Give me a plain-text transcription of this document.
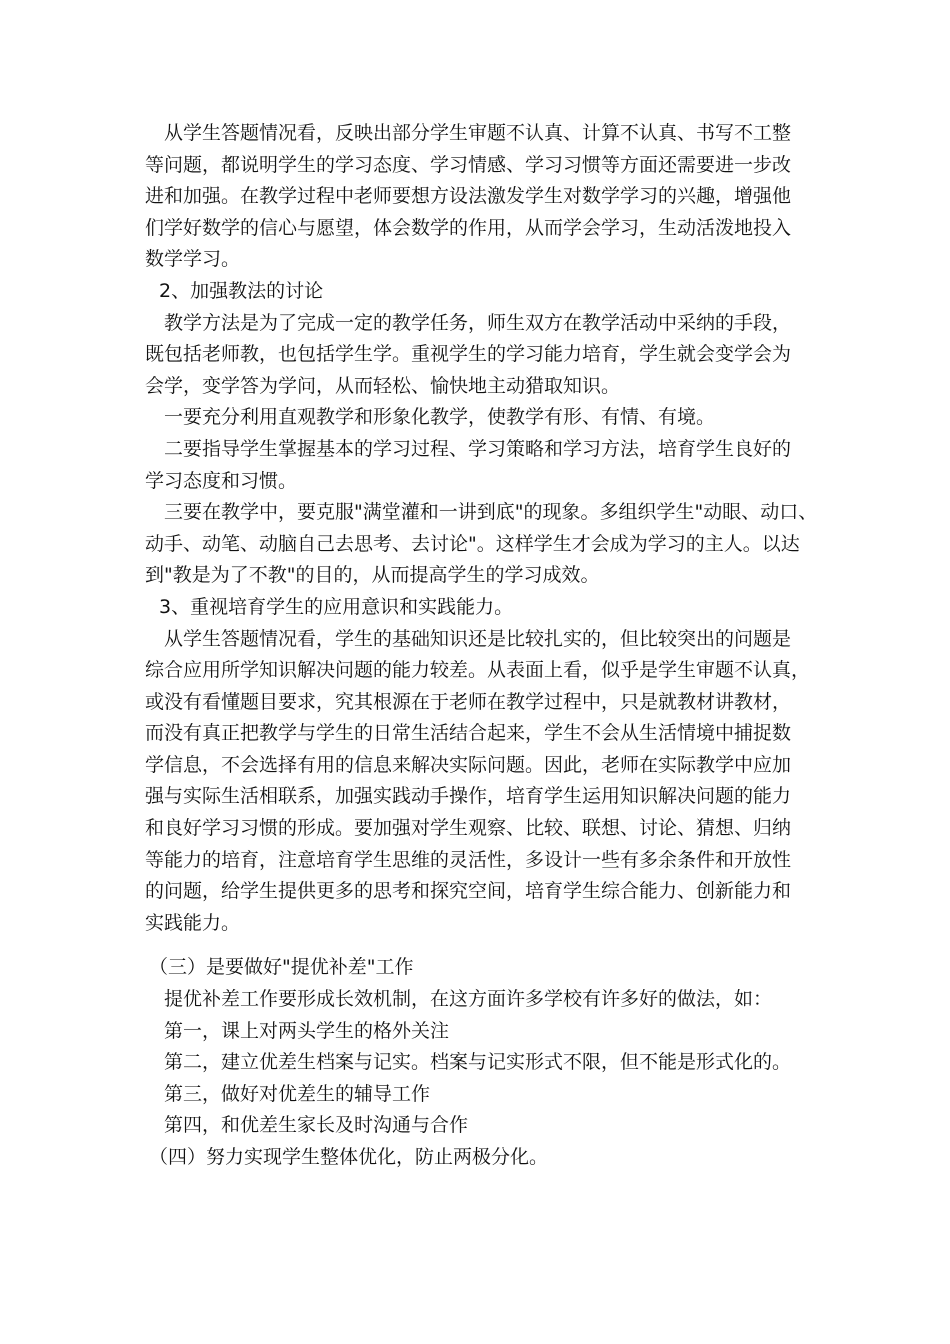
从学生答题情况看，反映出部分学生审题不认真、计算不认真、书写不工整
等问题，都说明学生的学习态度、学习情感、学习习惯等方面还需要进一步改
进和加强。在教学过程中老师要想方设法激发学生对数学学习的兴趣，增强他
们学好数学的信心与愿望，体会数学的作用，从而学会学习，生动活泼地投入
数学学习。
2、加强教法的讨论
教学方法是为了完成一定的教学任务，师生双方在教学活动中采纳的手段，
既包括老师教，也包括学生学。重视学生的学习能力培育，学生就会变学会为
会学，变学答为学问，从而轻松、愉快地主动猎取知识。
一要充分利用直观教学和形象化教学，使教学有形、有情、有境。
二要指导学生掌握基本的学习过程、学习策略和学习方法，培育学生良好的
学习态度和习惯。
三要在教学中，要克服"满堂灌和一讲到底"的现象。多组织学生"动眼、动口、
动手、动笔、动脑自己去思考、去讨论"。这样学生才会成为学习的主人。以达
到"教是为了不教"的目的，从而提高学生的学习成效。
3、重视培育学生的应用意识和实践能力。
从学生答题情况看，学生的基础知识还是比较扎实的，但比较突出的问题是
综合应用所学知识解决问题的能力较差。从表面上看，似乎是学生审题不认真，
或没有看懂题目要求，究其根源在于老师在教学过程中，只是就教材讲教材，
而没有真正把教学与学生的日常生活结合起来，学生不会从生活情境中捕捉数
学信息，不会选择有用的信息来解决实际问题。因此，老师在实际教学中应加
强与实际生活相联系，加强实践动手操作，培育学生运用知识解决问题的能力
和良好学习习惯的形成。要加强对学生观察、比较、联想、讨论、猜想、归纳
等能力的培育，注意培育学生思维的灵活性，多设计一些有多余条件和开放性
的问题，给学生提供更多的思考和探究空间，培育学生综合能力、创新能力和
实践能力。
（三）是要做好"提优补差"工作
提优补差工作要形成长效机制，在这方面许多学校有许多好的做法，如：
第一，课上对两头学生的格外关注
第二，建立优差生档案与记实。档案与记实形式不限，但不能是形式化的。
第三，做好对优差生的辅导工作
第四，和优差生家长及时沟通与合作
（四）努力实现学生整体优化，防止两极分化。
